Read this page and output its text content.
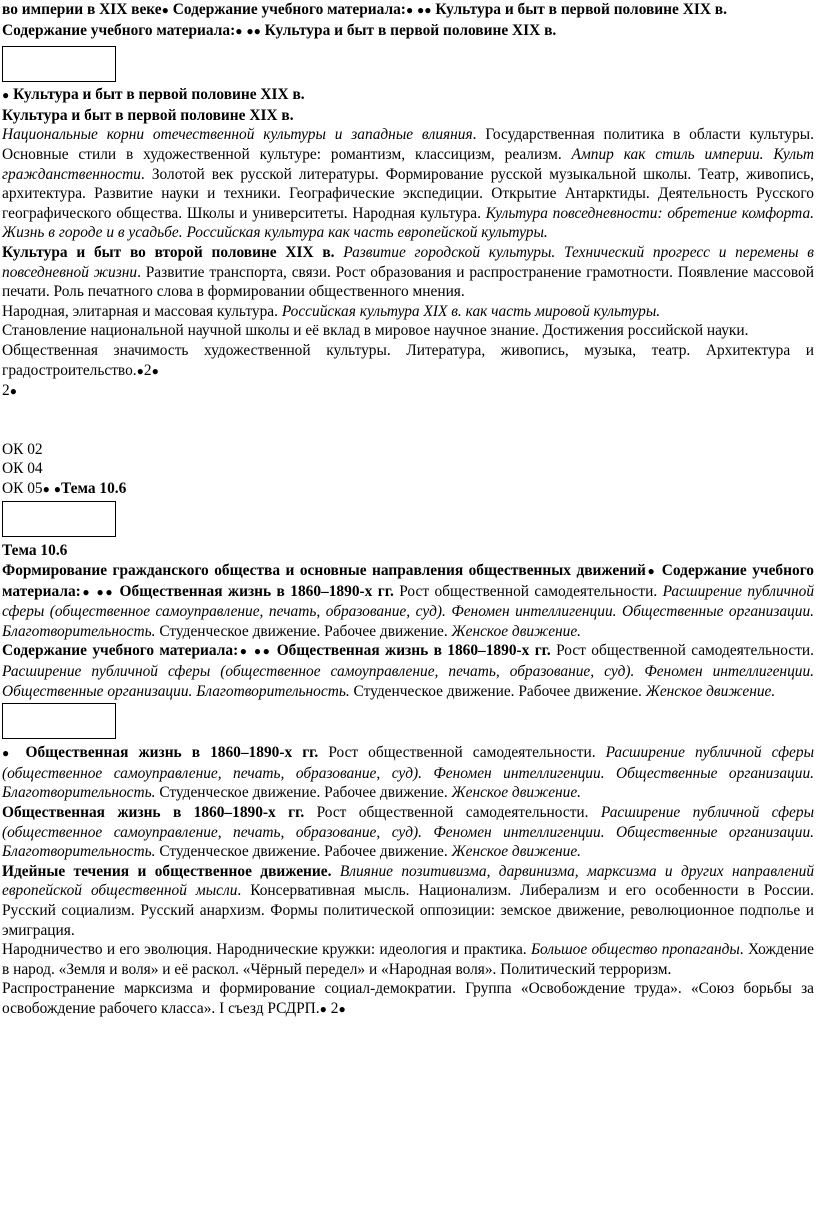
во империи в XIX веке● Содержание учебного материала:● ●● Культура и быт в первой половине XIX в.

Содержание учебного материала:● ●● Культура и быт в первой половине XIX в.

● Культура и быт в первой половине XIX в.

Культура и быт в первой половине XIX в.

Национальные корни отечественной культуры и западные влияния. Государственная политика в области культуры. Основные стили в художественной культуре: романтизм, классицизм, реализм. Ампир как стиль империи. Культ гражданственности. Золотой век русской литературы. Формирование русской музыкальной школы. Театр, живопись, архитектура. Развитие науки и техники. Географические экспедиции. Открытие Антарктиды. Деятельность Русского географического общества. Школы и университеты. Народная культура. Культура повседневности: обретение комфорта. Жизнь в городе и в усадьбе. Российская культура как часть европейской культуры.

Культура и быт во второй половине XIX в. Развитие городской культуры. Технический прогресс и перемены в повседневной жизни. Развитие транспорта, связи. Рост образования и распространение грамотности. Появление массовой печати. Роль печатного слова в формировании общественного мнения.

Народная, элитарная и массовая культура. Российская культура XIX в. как часть мировой культуры.

Становление национальной научной школы и её вклад в мировое научное знание. Достижения российской науки.

Общественная значимость художественной культуры. Литература, живопись, музыка, театр. Архитектура и градостроительство.●2●

2●

ОК 02

ОК 04

ОК 05● ●Тема 10.6

Тема 10.6

Формирование гражданского общества и основные направления общественных движений● Содержание учебного материала:● ●● Общественная жизнь в 1860–1890-х гг. Рост общественной самодеятельности. Расширение публичной сферы (общественное самоуправление, печать, образование, суд). Феномен интеллигенции. Общественные организации. Благотворительность. Студенческое движение. Рабочее движение. Женское движение.

Содержание учебного материала:● ●● Общественная жизнь в 1860–1890-х гг. Рост общественной самодеятельности. Расширение публичной сферы (общественное самоуправление, печать, образование, суд). Феномен интеллигенции. Общественные организации. Благотворительность. Студенческое движение. Рабочее движение. Женское движение.

● Общественная жизнь в 1860–1890-х гг. Рост общественной самодеятельности. Расширение публичной сферы (общественное самоуправление, печать, образование, суд). Феномен интеллигенции. Общественные организации. Благотворительность. Студенческое движение. Рабочее движение. Женское движение.

Общественная жизнь в 1860–1890-х гг. Рост общественной самодеятельности. Расширение публичной сферы (общественное самоуправление, печать, образование, суд). Феномен интеллигенции. Общественные организации. Благотворительность. Студенческое движение. Рабочее движение. Женское движение.

Идейные течения и общественное движение. Влияние позитивизма, дарвинизма, марксизма и других направлений европейской общественной мысли. Консервативная мысль. Национализм. Либерализм и его особенности в России. Русский социализм. Русский анархизм. Формы политической оппозиции: земское движение, революционное подполье и эмиграция.

Народничество и его эволюция. Народнические кружки: идеология и практика. Большое общество пропаганды. Хождение в народ. «Земля и воля» и её раскол. «Чёрный передел» и «Народная воля». Политический терроризм.

Распространение марксизма и формирование социал-демократии. Группа «Освобождение труда». «Союз борьбы за освобождение рабочего класса». I съезд РСДРП.● 2●
